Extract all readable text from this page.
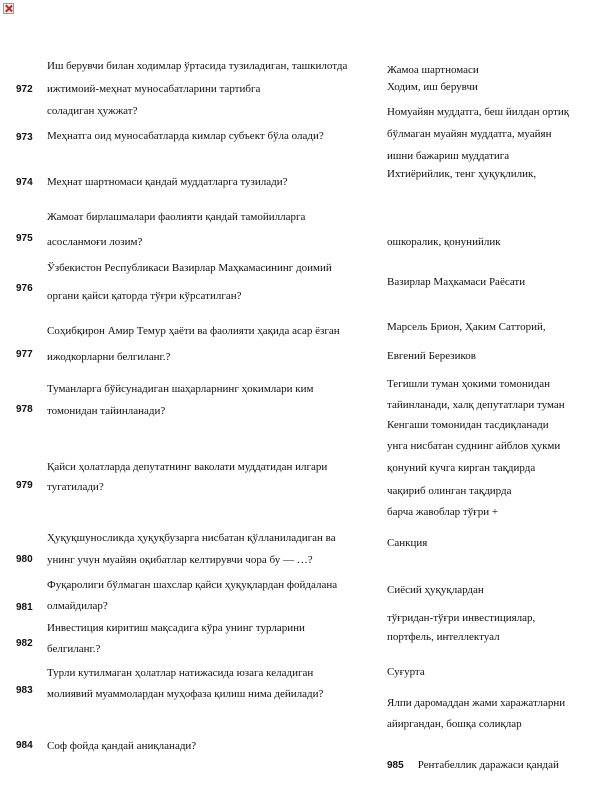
972
Иш берувчи билан ходимлар ўртасида тузиладиган, ташкилотда
ижтимоий-меҳнат муносабатларини тартибга
соладиган ҳужжат?
Жамоа шартномаси
Ходим, иш берувчи
973 Меҳнатга оид муносабатларда кимлар субъект бўла олади?
Номуайян муддатга, беш йилдан ортиқ
бўлмаган муайян муддатга, муайян
ишни бажариш муддатига
974 Меҳнат шартномаси қандай муддатларга тузилади?
Ихтиёрийлик, тенг ҳуқуқлилик,
975
Жамоат бирлашмалари фаолияти қандай тамойилларга
асосланмоғи лозим?	ошкоралик, қонунийлик
976
Ўзбекистон Республикаси Вазирлар Маҳкамасининг доимий
органи қайси қаторда тўғри кўрсатилган?
Вазирлар Маҳкамаси Раёсати
977
Соҳибқирон Амир Темур ҳаёти ва фаолияти ҳақида асар ёзган
ижодкорларни белгиланг.?
Марсель Брион, Ҳаким Сатторий,
Евгений Березиков
978
Туманларга бўйсунадиган шаҳарларнинг ҳокимлари ким
томонидан тайинланади?
Тегишли туман ҳокими томонидан
тайинланади, халқ депутатлари туман
Кенгаши томонидан тасдиқланади
979
Қайси ҳолатларда депутатнинг ваколати муддатидан илгари
тугатилади?
унга нисбатан суднинг айблов ҳукми
қонуний кучга кирган тақдирда
чақириб олинган тақдирда
барча жавоблар тўғри +
980
Ҳуқуқшуносликда ҳуқуқбузарга нисбатан қўлланиладиган ва
унинг учун муайян оқибатлар келтирувчи чора бу — …?
Санкция
981
Фуқаролиги бўлмаган шахслар қайси ҳуқуқлардан фойдалана
олмайдилар?
Сиёсий ҳуқуқлардан
982
Инвестиция киритиш мақсадига кўра унинг турларини
белгиланг.?
тўғридан-тўғри инвестициялар,
портфель, интеллектуал
983
Турли кутилмаган ҳолатлар натижасида юзага келадиган
молиявий муаммолардан муҳофаза қилиш нима дейилади?
Суғурта
Ялпи даромаддан жами харажатларни
айиргандан, бошқа солиқлар
984 Соф фойда қандай аниқланади?
985 Рентабеллик даражаси қандай
